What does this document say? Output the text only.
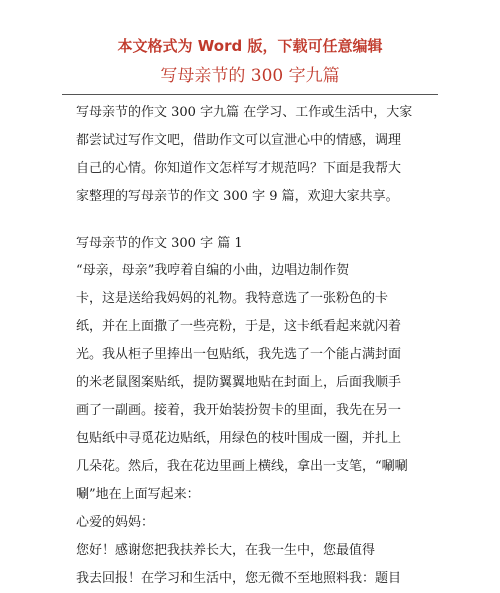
本文格式为 Word 版，下载可任意编辑
写母亲节的 300 字九篇
写母亲节的作文 300 字九篇 在学习、工作或生活中，大家
都尝试过写作文吧，借助作文可以宣泄心中的情感，调理
自己的心情。你知道作文怎样写才规范吗？下面是我帮大
家整理的写母亲节的作文 300 字 9 篇，欢迎大家共享。
写母亲节的作文 300 字 篇 1
“母亲，母亲”我哼着自编的小曲，边唱边制作贺
卡，这是送给我妈妈的礼物。我特意选了一张粉色的卡
纸，并在上面撒了一些亮粉，于是，这卡纸看起来就闪着
光。我从柜子里捧出一包贴纸，我先选了一个能占满封面
的米老鼠图案贴纸，提防翼翼地贴在封面上，后面我顺手
画了一副画。接着，我开始装扮贺卡的里面，我先在另一
包贴纸中寻觅花边贴纸，用绿色的枝叶围成一圈，并扎上
几朵花。然后，我在花边里画上横线，拿出一支笔，“唰唰
唰”地在上面写起来：
心爱的妈妈：
您好！感谢您把我扶养长大，在我一生中，您最值得
我去回报！在学习和生活中，您无微不至地照料我：题目
